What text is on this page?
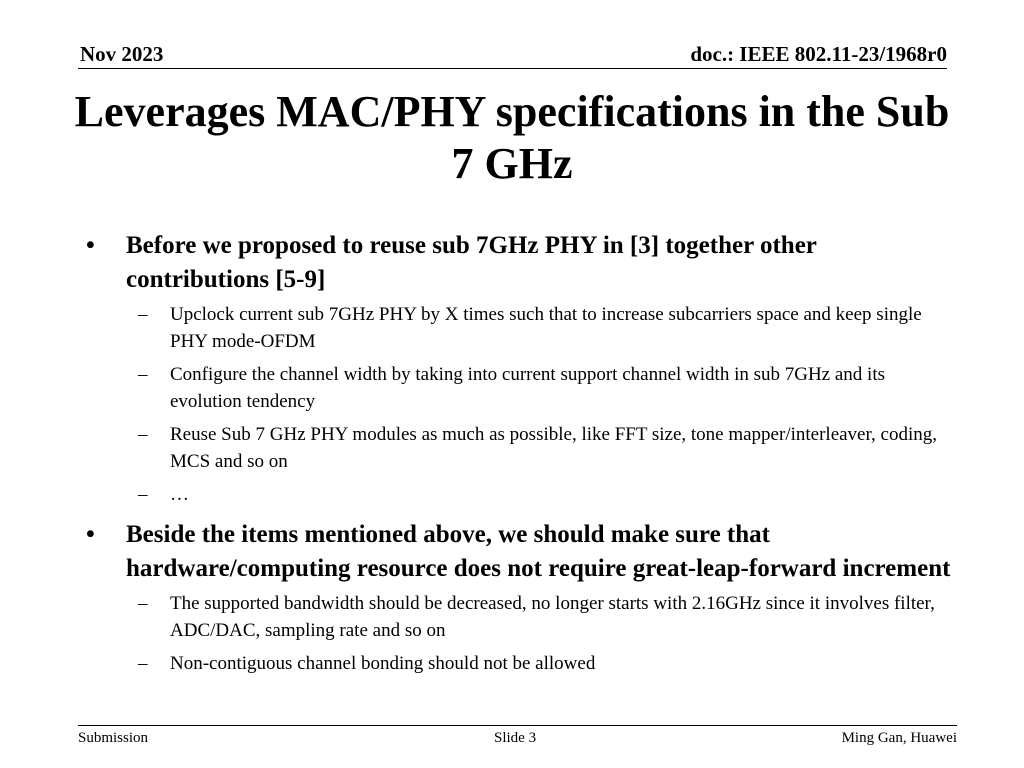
Nov 2023	doc.: IEEE 802.11-23/1968r0
Leverages MAC/PHY specifications in the Sub 7 GHz
• Before we proposed to reuse sub 7GHz PHY in [3] together other contributions [5-9]
– Upclock current sub 7GHz PHY by X times such that to increase subcarriers space and keep single PHY mode-OFDM
– Configure the channel width by taking into current support channel width in sub 7GHz and its evolution tendency
– Reuse Sub 7 GHz PHY modules as much as possible, like FFT size, tone mapper/interleaver, coding, MCS and so on
– …
• Beside the items mentioned above, we should make sure that hardware/computing resource does not require great-leap-forward increment
– The supported bandwidth should be decreased, no longer starts with 2.16GHz since it involves filter, ADC/DAC, sampling rate and so on
– Non-contiguous channel bonding should not be allowed
Submission	Slide 3	Ming Gan, Huawei
